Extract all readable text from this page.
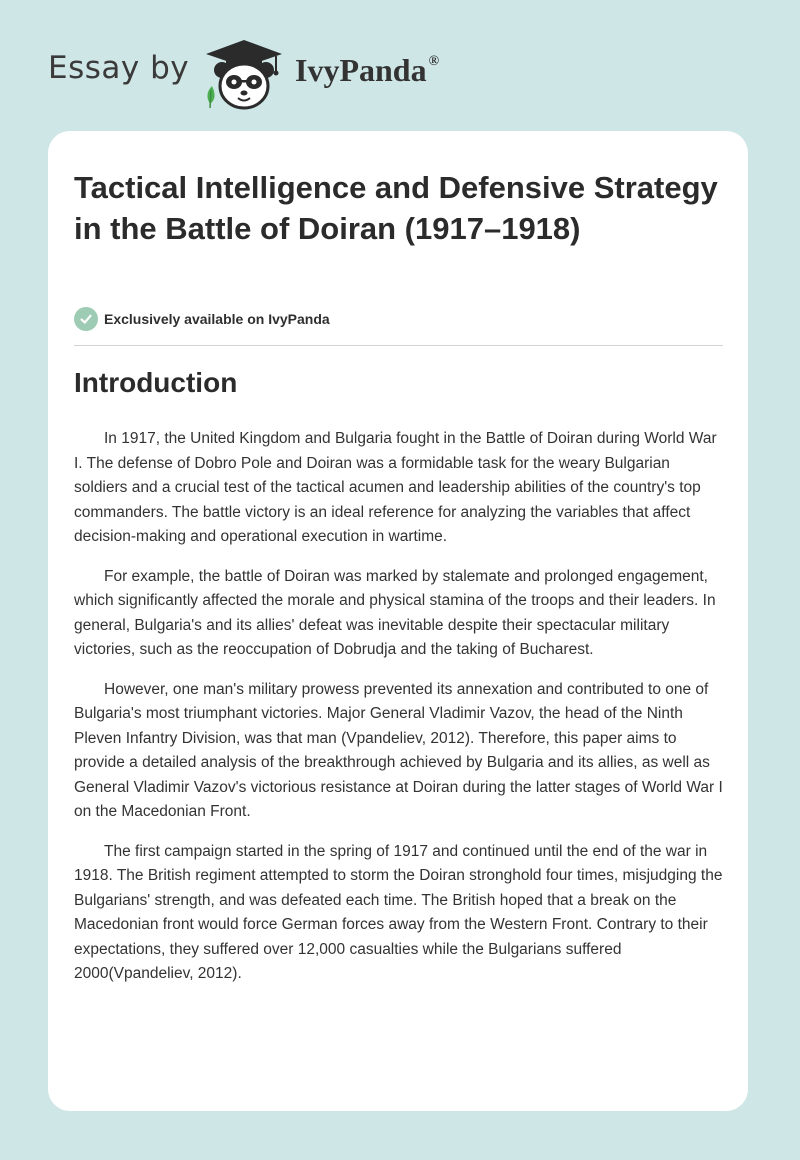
Essay by	IvyPanda ®
Tactical Intelligence and Defensive Strategy in the Battle of Doiran (1917–1918)
Exclusively available on IvyPanda
Introduction

In 1917, the United Kingdom and Bulgaria fought in the Battle of Doiran during World War I. The defense of Dobro Pole and Doiran was a formidable task for the weary Bulgarian soldiers and a crucial test of the tactical acumen and leadership abilities of the country's top commanders. The battle victory is an ideal reference for analyzing the variables that affect decision-making and operational execution in wartime.

For example, the battle of Doiran was marked by stalemate and prolonged engagement, which significantly affected the morale and physical stamina of the troops and their leaders. In general, Bulgaria's and its allies' defeat was inevitable despite their spectacular military victories, such as the reoccupation of Dobrudja and the taking of Bucharest.

However, one man's military prowess prevented its annexation and contributed to one of Bulgaria's most triumphant victories. Major General Vladimir Vazov, the head of the Ninth Pleven Infantry Division, was that man (Vpandeliev, 2012). Therefore, this paper aims to provide a detailed analysis of the breakthrough achieved by Bulgaria and its allies, as well as General Vladimir Vazov's victorious resistance at Doiran during the latter stages of World War I on the Macedonian Front.

The first campaign started in the spring of 1917 and continued until the end of the war in 1918. The British regiment attempted to storm the Doiran stronghold four times, misjudging the Bulgarians' strength, and was defeated each time. The British hoped that a break on the Macedonian front would force German forces away from the Western Front. Contrary to their expectations, they suffered over 12,000 casualties while the Bulgarians suffered 2000(Vpandeliev, 2012).
